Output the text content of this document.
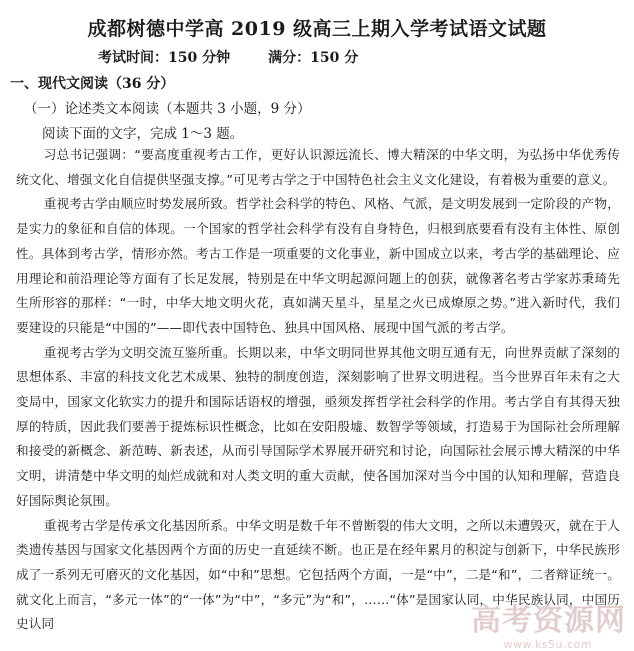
成都树德中学高 2019 级高三上期入学考试语文试题
考试时间：150 分钟	满分：150 分
一、现代文阅读（36 分）
（一）论述类文本阅读（本题共 3 小题，9 分）
阅读下面的文字，完成 1～3 题。

习总书记强调：“要高度重视考古工作，更好认识源远流长、博大精深的中华文明，为弘扬中华优秀传统文化、增强文化自信提供坚强支撑。”可见考古学之于中国特色社会主义文化建设，有着极为重要的意义。

重视考古学由顺应时势发展所致。哲学社会科学的特色、风格、气派，是文明发展到一定阶段的产物，是实力的象征和自信的体现。一个国家的哲学社会科学有没有自身特色，归根到底要看有没有主体性、原创性。具体到考古学，情形亦然。考古工作是一项重要的文化事业，新中国成立以来，考古学的基础理论、应用理论和前沿理论等方面有了长足发展，特别是在中华文明起源问题上的创获，就像著名考古学家苏秉琦先生所形容的那样：“一时，中华大地文明火花，真如满天星斗，星星之火已成燎原之势。”进入新时代，我们要建设的只能是“中国的”——即代表中国特色、独具中国风格、展现中国气派的考古学。

重视考古学为文明交流互鉴所重。长期以来，中华文明同世界其他文明互通有无，向世界贡献了深刻的思想体系、丰富的科技文化艺术成果、独特的制度创造，深刻影响了世界文明进程。当今世界百年未有之大变局中，国家文化软实力的提升和国际话语权的增强，亟须发挥哲学社会科学的作用。考古学自有其得天独厚的特质，因此我们要善于提炼标识性概念，比如在安阳殷墟、数智学等领域，打造易于为国际社会所理解和接受的新概念、新范畴、新表述，从而引导国际学术界展开研究和讨论，向国际社会展示博大精深的中华文明，讲清楚中华文明的灿烂成就和对人类文明的重大贡献，使各国加深对当今中国的认知和理解，营造良好国际舆论氛围。

重视考古学是传承文化基因所系。中华文明是数千年不曾断裂的伟大文明，之所以未遭毁灭，就在于人类遗传基因与国家文化基因两个方面的历史一直延续不断。也正是在经年累月的积淀与创新下，中华民族形成了一系列无可磨灭的文化基因，如“中和”思想。它包括两个方面，一是“中”，二是“和”，二者辩证统一。就文化上而言，“多元一体”的“一体”为“中”，“多元”为“和”，……“体”是国家认同，中华民族认同，中国历史认同	高考资源网
www.ks5u.com
